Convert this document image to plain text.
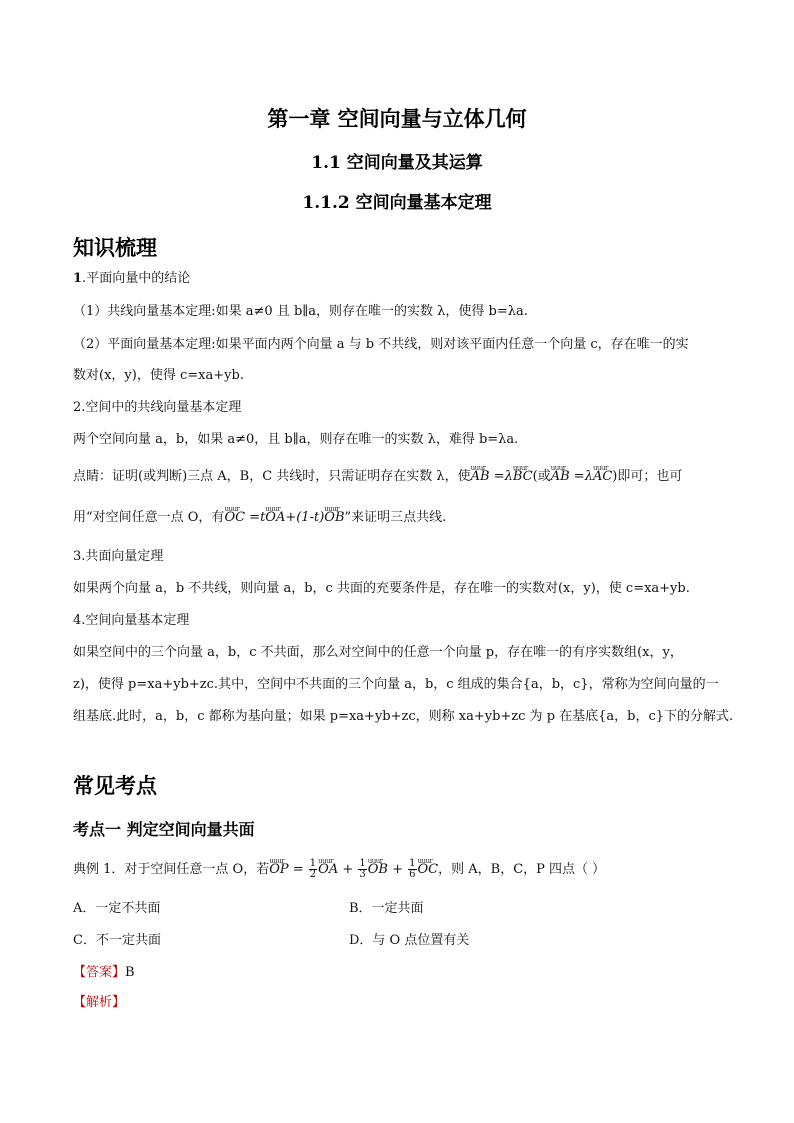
第一章 空间向量与立体几何
1.1 空间向量及其运算
1.1.2 空间向量基本定理
知识梳理
1.平面向量中的结论
（1）共线向量基本定理:如果 a≠0 且 b∥a，则存在唯一的实数 λ，使得 b=λa.
（2）平面向量基本定理:如果平面内两个向量 a 与 b 不共线，则对该平面内任意一个向量 c，存在唯一的实
数对(x，y)，使得 c=xa+yb.
2.空间中的共线向量基本定理
两个空间向量 a，b，如果 a≠0，且 b∥a，则存在唯一的实数 λ，难得 b=λa.
点睛：证明(或判断)三点 A，B，C 共线时，只需证明存在实数 λ，使uuur AB =λuuur BC(或uuur AB =λuuur AC)即可；也可
用“对空间任意一点 O，有uuur OC =tuuur OA+(1-t)uuur OB”来证明三点共线.
3.共面向量定理
如果两个向量 a，b 不共线，则向量 a，b，c 共面的充要条件是，存在唯一的实数对(x，y)，使 c=xa+yb.
4.空间向量基本定理
如果空间中的三个向量 a，b，c 不共面，那么对空间中的任意一个向量 p，存在唯一的有序实数组(x，y，
z)，使得 p=xa+yb+zc.其中，空间中不共面的三个向量 a，b，c 组成的集合{a，b，c}，常称为空间向量的一
组基底.此时，a，b，c 都称为基向量；如果 p=xa+yb+zc，则称 xa+yb+zc 为 p 在基底{a，b，c}下的分解式.
常见考点
考点一 判定空间向量共面
典例 1．对于空间任意一点 O，若uuur OP = $\frac{1}{2}$ uuur OA + $\frac{1}{3}$ uuur OB + $\frac{1}{6}$ uuur OC，则 A，B，C，P 四点（ ）
A．一定不共面	B．一定共面
C．不一定共面	D．与 O 点位置有关
【答案】B
【解析】
